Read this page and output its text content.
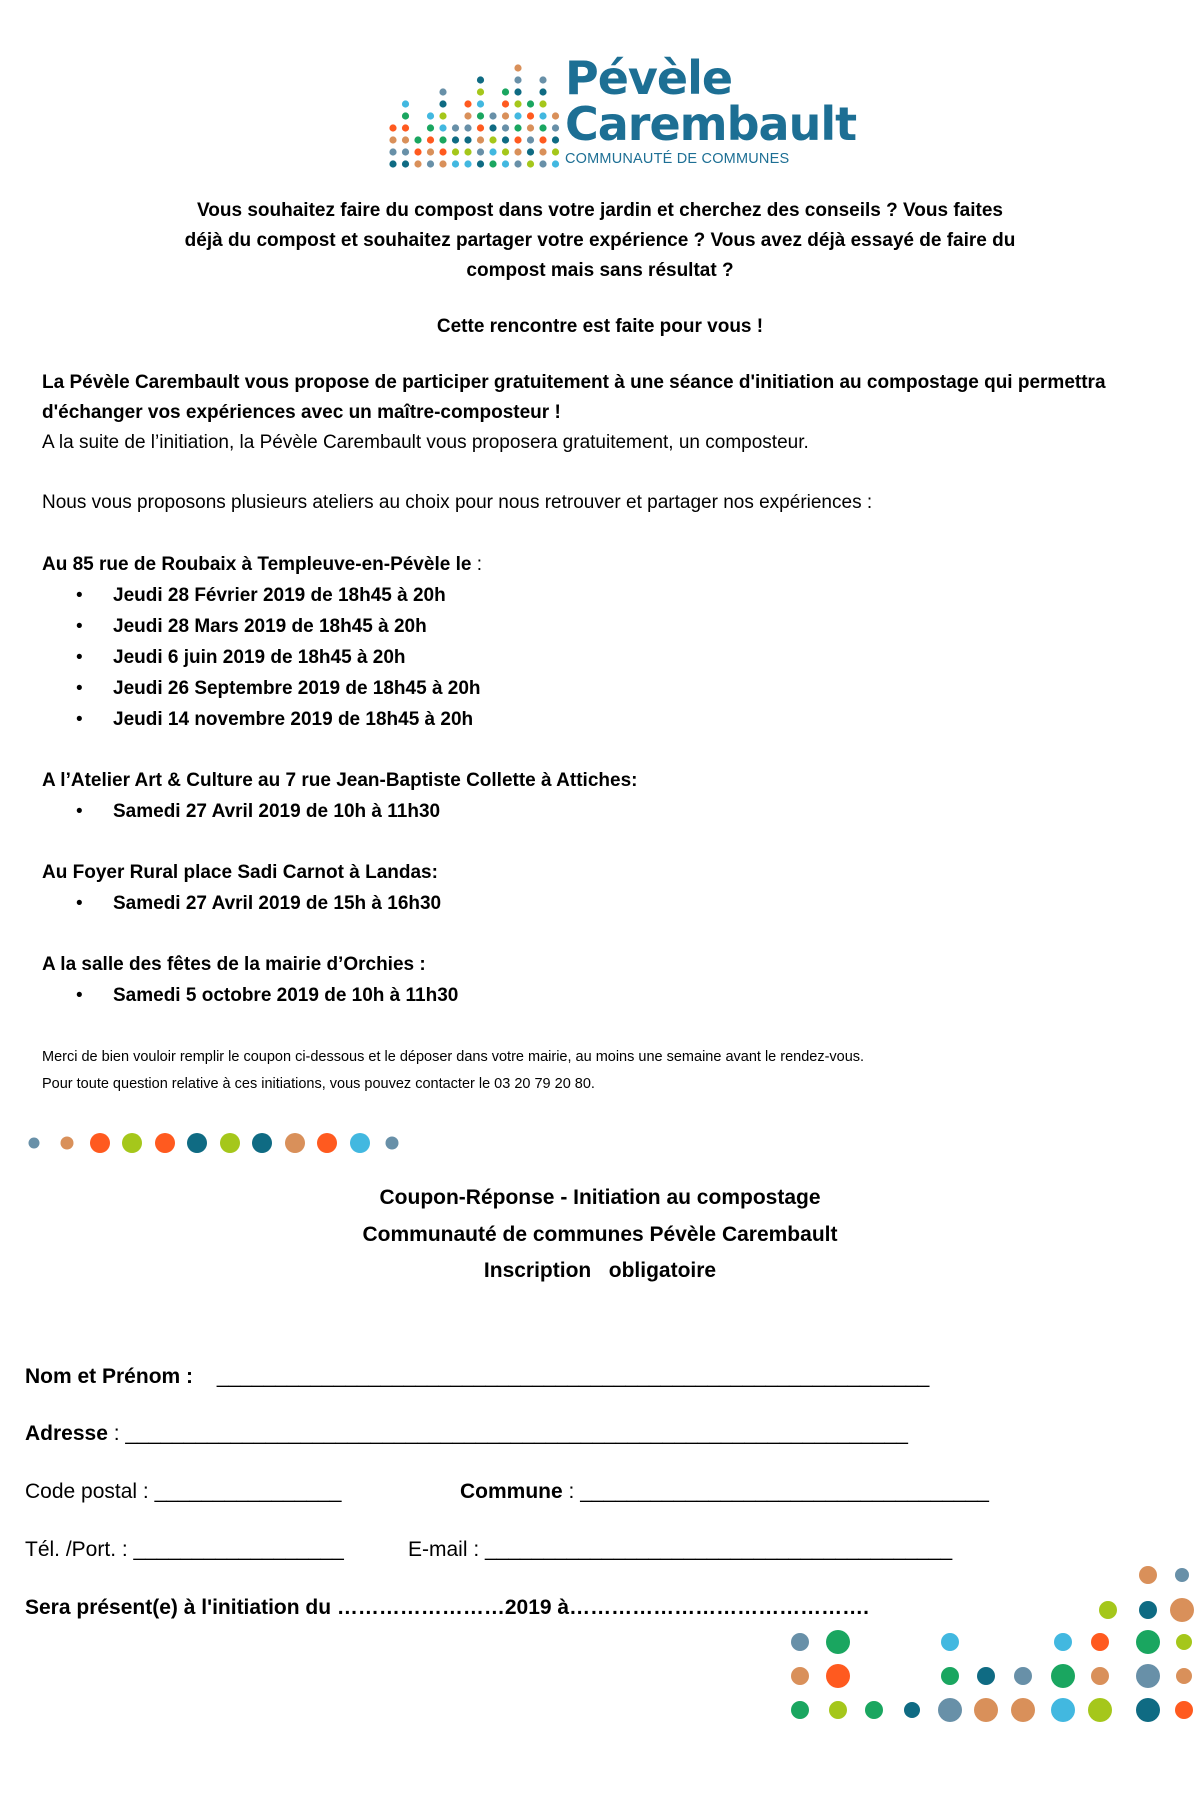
Pévèle
Carembault
COMMUNAUTÉ DE COMMUNES
Vous souhaitez faire du compost dans votre jardin et cherchez des conseils ? Vous faites
déjà du compost et souhaitez partager votre expérience ? Vous avez déjà essayé de faire du
compost mais sans résultat ?
Cette rencontre est faite pour vous !
La Pévèle Carembault vous propose de participer gratuitement à une séance d'initiation au compostage qui permettra
d'échanger vos expériences avec un maître-composteur !
A la suite de l’initiation, la Pévèle Carembault vous proposera gratuitement, un composteur.
Nous vous proposons plusieurs ateliers au choix pour nous retrouver et partager nos expériences :
Au 85 rue de Roubaix à Templeuve-en-Pévèle le :
• Jeudi 28 Février 2019 de 18h45 à 20h
• Jeudi 28 Mars 2019 de 18h45 à 20h
• Jeudi 6 juin 2019 de 18h45 à 20h
• Jeudi 26 Septembre 2019 de 18h45 à 20h
• Jeudi 14 novembre 2019 de 18h45 à 20h
A l’Atelier Art & Culture au 7 rue Jean-Baptiste Collette à Attiches:
• Samedi 27 Avril 2019 de 10h à 11h30
Au Foyer Rural place Sadi Carnot à Landas:
• Samedi 27 Avril 2019 de 15h à 16h30
A la salle des fêtes de la mairie d’Orchies :
• Samedi 5 octobre 2019 de 10h à 11h30
Merci de bien vouloir remplir le coupon ci-dessous et le déposer dans votre mairie, au moins une semaine avant le rendez-vous.
Pour toute question relative à ces initiations, vous pouvez contacter le 03 20 79 20 80.
Coupon-Réponse - Initiation au compostage
Communauté de communes Pévèle Carembault
Inscription   obligatoire
Nom et Prénom : _____________________________________________________________
Adresse : ___________________________________________________________________
Code postal : ________________	Commune : ___________________________________
Tél. /Port. : __________________	E-mail : ________________________________________
Sera présent(e) à l'initiation du ……………………2019 à…………………………………….
